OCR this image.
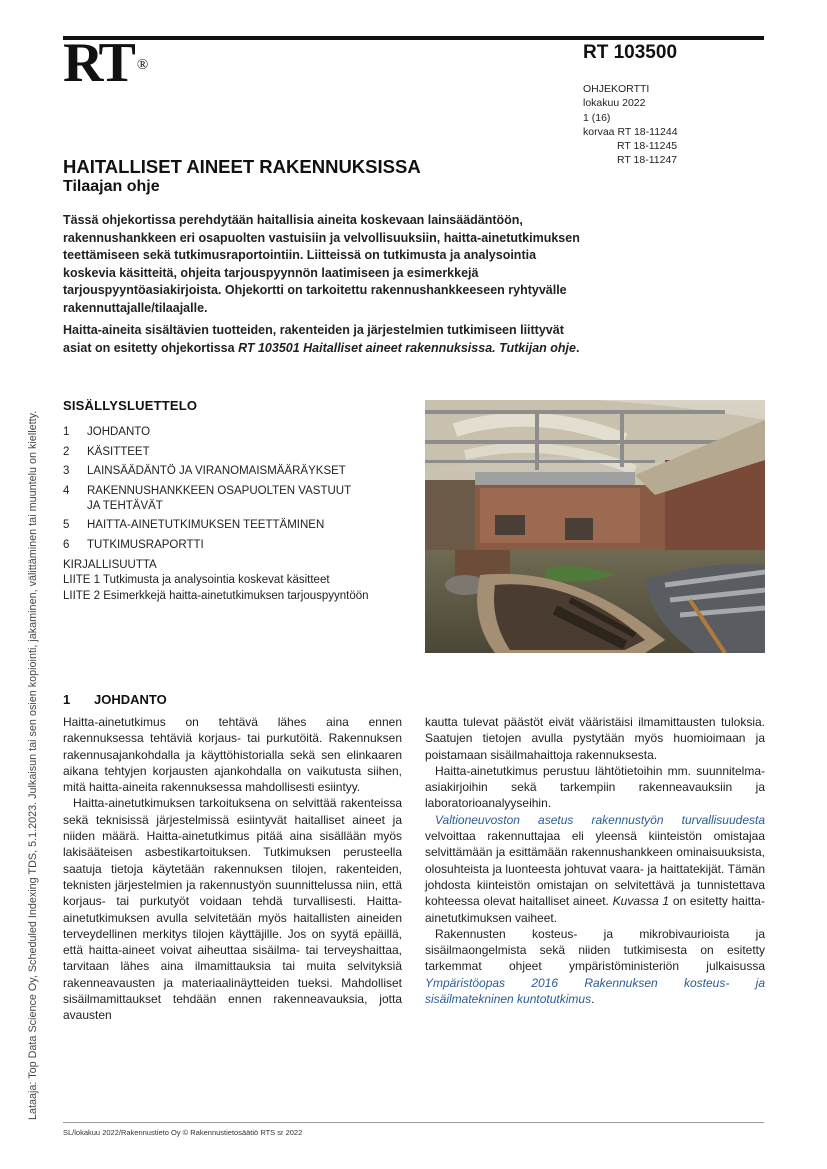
RT ®
RT 103500
OHJEKORTTI
lokakuu 2022
1 (16)
korvaa RT 18-11244
RT 18-11245
RT 18-11247
HAITALLISET AINEET RAKENNUKSISSA
Tilaajan ohje

Tässä ohjekortissa perehdytään haitallisia aineita koskevaan lainsäädäntöön, rakennushankkeen eri osapuolten vastuisiin ja velvollisuuksiin, haitta-ainetutkimuksen teettämiseen sekä tutkimusraportointiin. Liitteissä on tutkimusta ja analysointia koskevia käsitteitä, ohjeita tarjouspyynnön laatimiseen ja esimerkkejä tarjouspyyntöasiakirjoista. Ohjekortti on tarkoitettu rakennushankkeeseen ryhtyvälle rakennuttajalle/tilaajalle.

Haitta-aineita sisältävien tuotteiden, rakenteiden ja järjestelmien tutkimiseen liittyvät asiat on esitetty ohjekortissa RT 103501 Haitalliset aineet rakennuksissa. Tutkijan ohje.

Lataaja: Top Data Science Oy, Scheduled Indexing TDS, 5.1.2023. Julkaisun tai sen osien kopiointi, jakaminen, välittäminen tai muuntelu on kielletty.
SISÄLLYSLUETTELO
1	JOHDANTO
2	KÄSITTEET
3	LAINSÄÄDÄNTÖ JA VIRANOMAISMÄÄRÄYKSET
4	RAKENNUSHANKKEEN OSAPUOLTEN VASTUUT JA TEHTÄVÄT
5	HAITTA-AINETUTKIMUKSEN TEETTÄMINEN
6	TUTKIMUSRAPORTTI
KIRJALLISUUTTA
LIITE 1 Tutkimusta ja analysointia koskevat käsitteet
LIITE 2 Esimerkkejä haitta-ainetutkimuksen tarjouspyyntöön
1 JOHDANTO

Haitta-ainetutkimus on tehtävä lähes aina ennen rakennuksessa tehtäviä korjaus- tai purkutöitä. Rakennuksen rakennusajankohdalla ja käyttöhistorialla sekä sen elinkaaren aikana tehtyjen korjausten ajankohdalla on vaikutusta siihen, mitä haitta-aineita rakennuksessa mahdollisesti esiintyy.

Haitta-ainetutkimuksen tarkoituksena on selvittää rakenteissa sekä teknisissä järjestelmissä esiintyvät haitalliset aineet ja niiden määrä. Haitta-ainetutkimus pitää aina sisällään myös lakisääteisen asbestikartoituksen. Tutkimuksen perusteella saatuja tietoja käytetään rakennuksen tilojen, rakenteiden, teknisten järjestelmien ja rakennustyön suunnittelussa niin, että korjaus- tai purkutyöt voidaan tehdä turvallisesti. Haitta-ainetutkimuksen avulla selvitetään myös haitallisten aineiden terveydellinen merkitys tilojen käyttäjille. Jos on syytä epäillä, että haitta-aineet voivat aiheuttaa sisäilma- tai terveyshaittaa, tarvitaan lähes aina ilmamittauksia tai muita selvityksiä rakenneavausten ja materiaalinäytteiden tueksi. Mahdolliset sisäilmamittaukset tehdään ennen rakenneavauksia, jotta avausten

kautta tulevat päästöt eivät vääristäisi ilmamittausten tuloksia. Saatujen tietojen avulla pystytään myös huomioimaan ja poistamaan sisäilmahaittoja rakennuksesta.

Haitta-ainetutkimus perustuu lähtötietoihin mm. suunnitelma-asiakirjoihin sekä tarkempiin rakenneavauksiin ja laboratorioanalyyseihin.

Valtioneuvoston asetus rakennustyön turvallisuudesta velvoittaa rakennuttajaa eli yleensä kiinteistön omistajaa selvittämään ja esittämään rakennushankkeen ominaisuuksista, olosuhteista ja luonteesta johtuvat vaara- ja haittatekijät. Tämän johdosta kiinteistön omistajan on selvitettävä ja tunnistettava kohteessa olevat haitalliset aineet. Kuvassa 1 on esitetty haitta-ainetutkimuksen vaiheet.

Rakennusten kosteus- ja mikrobivaurioista ja sisäilmaongelmista sekä niiden tutkimisesta on esitetty tarkemmat ohjeet ympäristöministeriön julkaisussa Ympäristöopas 2016 Rakennuksen kosteus- ja sisäilmatekninen kuntotutkimus.

SL/lokakuu 2022/Rakennustieto Oy © Rakennustietosäätiö RTS sr 2022
